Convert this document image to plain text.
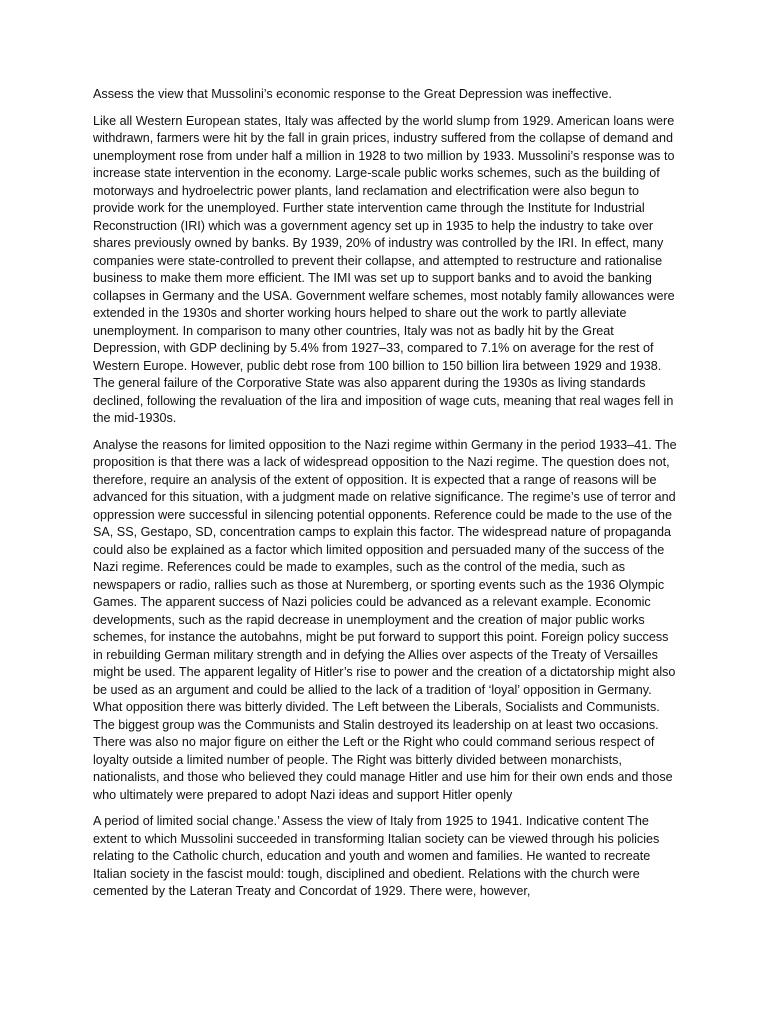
Assess the view that Mussolini’s economic response to the Great Depression was ineffective.

Like all Western European states, Italy was affected by the world slump from 1929. American loans were withdrawn, farmers were hit by the fall in grain prices, industry suffered from the collapse of demand and unemployment rose from under half a million in 1928 to two million by 1933. Mussolini’s response was to increase state intervention in the economy. Large-scale public works schemes, such as the building of motorways and hydroelectric power plants, land reclamation and electrification were also begun to provide work for the unemployed. Further state intervention came through the Institute for Industrial Reconstruction (IRI) which was a government agency set up in 1935 to help the industry to take over shares previously owned by banks. By 1939, 20% of industry was controlled by the IRI. In effect, many companies were state-controlled to prevent their collapse, and attempted to restructure and rationalise business to make them more efficient. The IMI was set up to support banks and to avoid the banking collapses in Germany and the USA. Government welfare schemes, most notably family allowances were extended in the 1930s and shorter working hours helped to share out the work to partly alleviate unemployment. In comparison to many other countries, Italy was not as badly hit by the Great Depression, with GDP declining by 5.4% from 1927–33, compared to 7.1% on average for the rest of Western Europe. However, public debt rose from 100 billion to 150 billion lira between 1929 and 1938. The general failure of the Corporative State was also apparent during the 1930s as living standards declined, following the revaluation of the lira and imposition of wage cuts, meaning that real wages fell in the mid-1930s.

Analyse the reasons for limited opposition to the Nazi regime within Germany in the period 1933–41. The proposition is that there was a lack of widespread opposition to the Nazi regime. The question does not, therefore, require an analysis of the extent of opposition. It is expected that a range of reasons will be advanced for this situation, with a judgment made on relative significance. The regime’s use of terror and oppression were successful in silencing potential opponents. Reference could be made to the use of the SA, SS, Gestapo, SD, concentration camps to explain this factor. The widespread nature of propaganda could also be explained as a factor which limited opposition and persuaded many of the success of the Nazi regime. References could be made to examples, such as the control of the media, such as newspapers or radio, rallies such as those at Nuremberg, or sporting events such as the 1936 Olympic Games. The apparent success of Nazi policies could be advanced as a relevant example. Economic developments, such as the rapid decrease in unemployment and the creation of major public works schemes, for instance the autobahns, might be put forward to support this point. Foreign policy success in rebuilding German military strength and in defying the Allies over aspects of the Treaty of Versailles might be used. The apparent legality of Hitler’s rise to power and the creation of a dictatorship might also be used as an argument and could be allied to the lack of a tradition of ‘loyal’ opposition in Germany. What opposition there was bitterly divided. The Left between the Liberals, Socialists and Communists. The biggest group was the Communists and Stalin destroyed its leadership on at least two occasions. There was also no major figure on either the Left or the Right who could command serious respect of loyalty outside a limited number of people. The Right was bitterly divided between monarchists, nationalists, and those who believed they could manage Hitler and use him for their own ends and those who ultimately were prepared to adopt Nazi ideas and support Hitler openly

A period of limited social change.’ Assess the view of Italy from 1925 to 1941. Indicative content The extent to which Mussolini succeeded in transforming Italian society can be viewed through his policies relating to the Catholic church, education and youth and women and families. He wanted to recreate Italian society in the fascist mould: tough, disciplined and obedient. Relations with the church were cemented by the Lateran Treaty and Concordat of 1929. There were, however,
